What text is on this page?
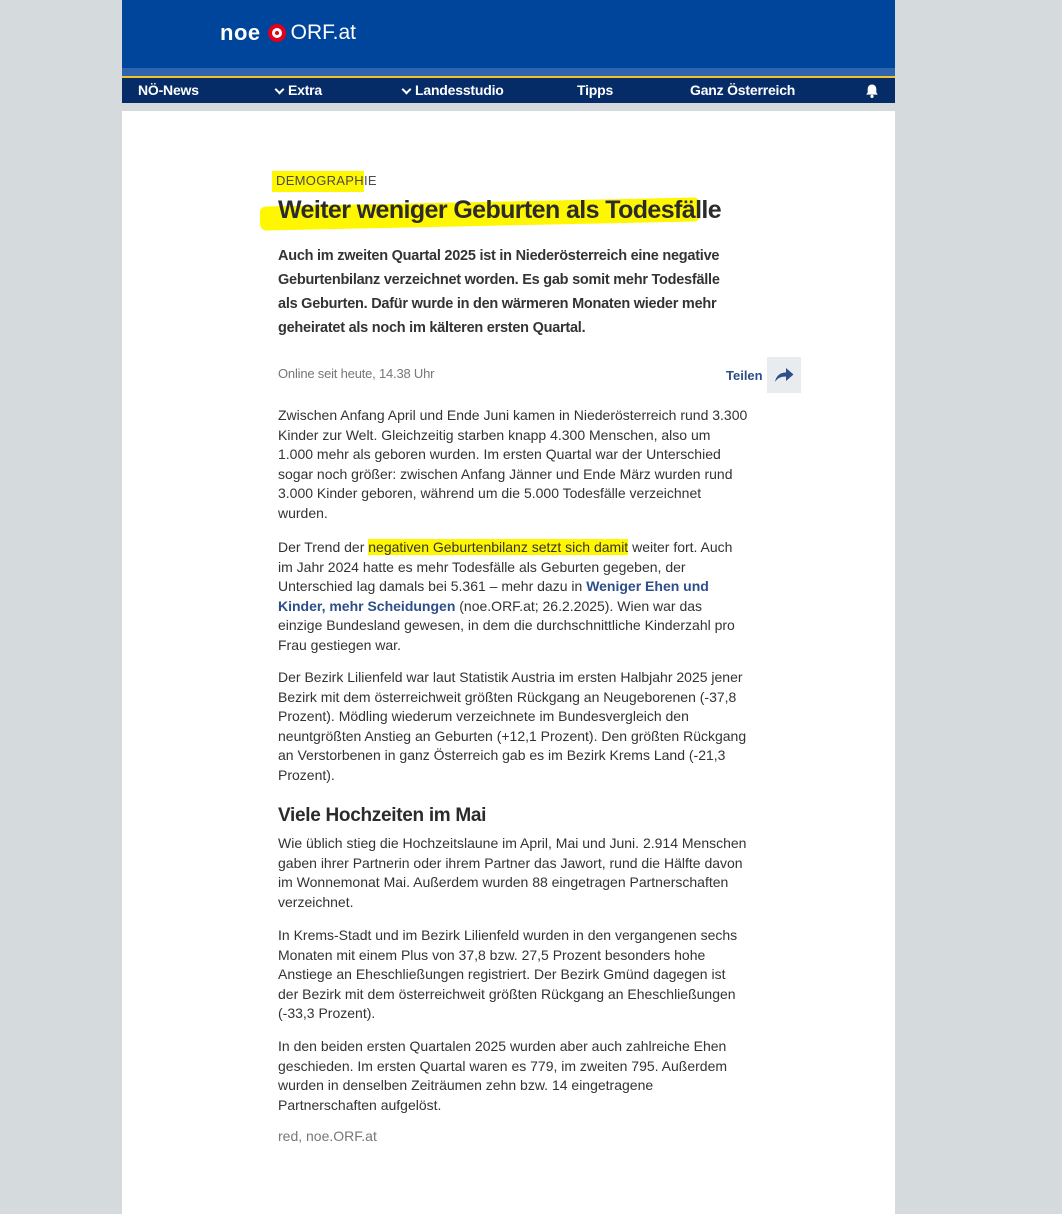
noe ORF.at
NÖ-News	Extra	Landesstudio	Tipps	Ganz Österreich
DEMOGRAPHIE
Weiter weniger Geburten als Todesfälle

Auch im zweiten Quartal 2025 ist in Niederösterreich eine negative Geburtenbilanz verzeichnet worden. Es gab somit mehr Todesfälle als Geburten. Dafür wurde in den wärmeren Monaten wieder mehr geheiratet als noch im kälteren ersten Quartal.

Online seit heute, 14.38 Uhr	Teilen

Zwischen Anfang April und Ende Juni kamen in Niederösterreich rund 3.300 Kinder zur Welt. Gleichzeitig starben knapp 4.300 Menschen, also um 1.000 mehr als geboren wurden. Im ersten Quartal war der Unterschied sogar noch größer: zwischen Anfang Jänner und Ende März wurden rund 3.000 Kinder geboren, während um die 5.000 Todesfälle verzeichnet wurden.

Der Trend der negativen Geburtenbilanz setzt sich damit weiter fort. Auch im Jahr 2024 hatte es mehr Todesfälle als Geburten gegeben, der Unterschied lag damals bei 5.361 – mehr dazu in Weniger Ehen und Kinder, mehr Scheidungen (noe.ORF.at; 26.2.2025). Wien war das einzige Bundesland gewesen, in dem die durchschnittliche Kinderzahl pro Frau gestiegen war.

Der Bezirk Lilienfeld war laut Statistik Austria im ersten Halbjahr 2025 jener Bezirk mit dem österreichweit größten Rückgang an Neugeborenen (-37,8 Prozent). Mödling wiederum verzeichnete im Bundesvergleich den neuntgrößten Anstieg an Geburten (+12,1 Prozent). Den größten Rückgang an Verstorbenen in ganz Österreich gab es im Bezirk Krems Land (-21,3 Prozent).

Viele Hochzeiten im Mai

Wie üblich stieg die Hochzeitslaune im April, Mai und Juni. 2.914 Menschen gaben ihrer Partnerin oder ihrem Partner das Jawort, rund die Hälfte davon im Wonnemonat Mai. Außerdem wurden 88 eingetragen Partnerschaften verzeichnet.

In Krems-Stadt und im Bezirk Lilienfeld wurden in den vergangenen sechs Monaten mit einem Plus von 37,8 bzw. 27,5 Prozent besonders hohe Anstiege an Eheschließungen registriert. Der Bezirk Gmünd dagegen ist der Bezirk mit dem österreichweit größten Rückgang an Eheschließungen (-33,3 Prozent).

In den beiden ersten Quartalen 2025 wurden aber auch zahlreiche Ehen geschieden. Im ersten Quartal waren es 779, im zweiten 795. Außerdem wurden in denselben Zeiträumen zehn bzw. 14 eingetragene Partnerschaften aufgelöst.

red, noe.ORF.at
